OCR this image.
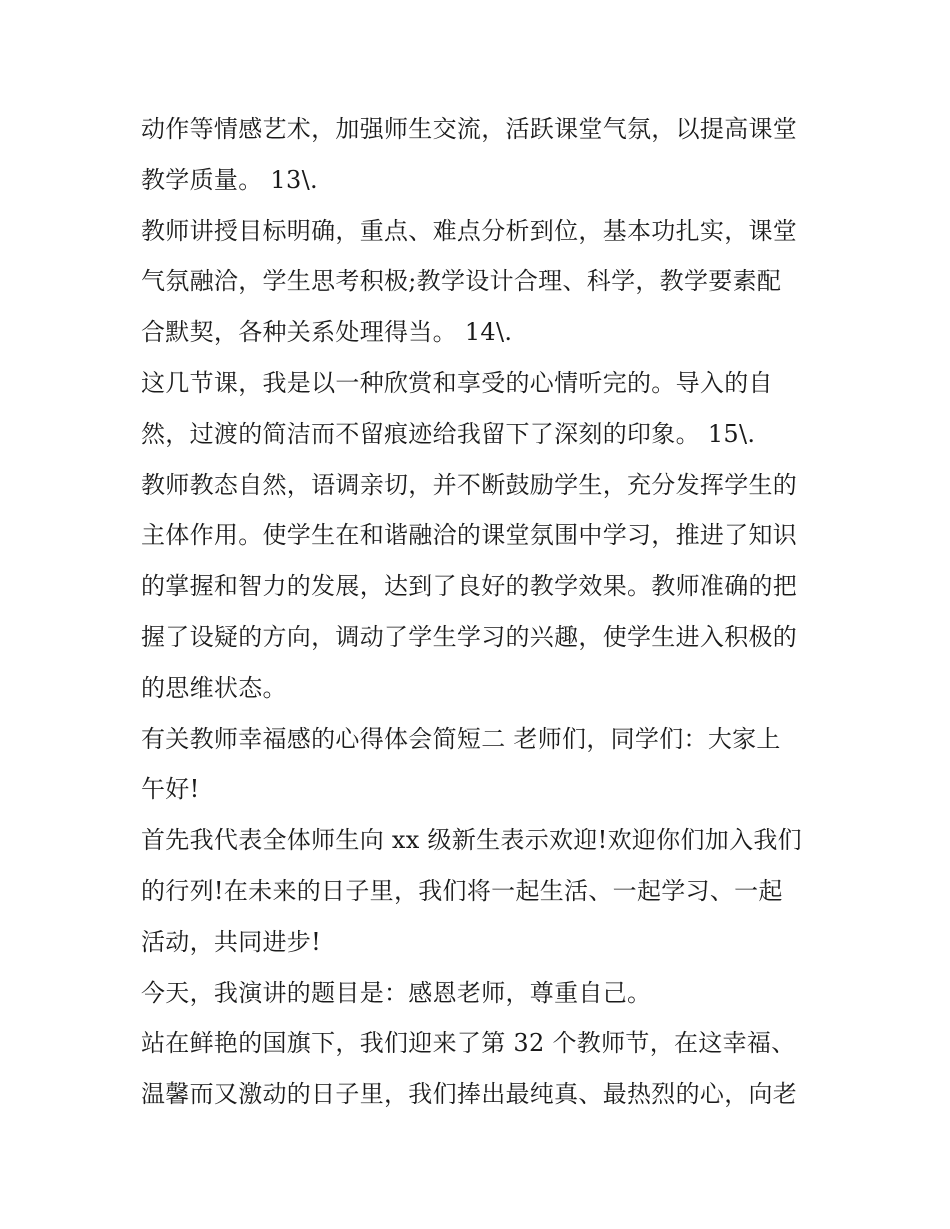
动作等情感艺术，加强师生交流，活跃课堂气氛，以提高课堂
教学质量。 13\.
教师讲授目标明确，重点、难点分析到位，基本功扎实，课堂
气氛融洽，学生思考积极;教学设计合理、科学，教学要素配
合默契，各种关系处理得当。 14\.
这几节课，我是以一种欣赏和享受的心情听完的。导入的自
然，过渡的简洁而不留痕迹给我留下了深刻的印象。 15\.
教师教态自然，语调亲切，并不断鼓励学生，充分发挥学生的
主体作用。使学生在和谐融洽的课堂氛围中学习，推进了知识
的掌握和智力的发展，达到了良好的教学效果。教师准确的把
握了设疑的方向，调动了学生学习的兴趣，使学生进入积极的
的思维状态。
有关教师幸福感的心得体会简短二 老师们，同学们：大家上
午好!
首先我代表全体师生向 xx 级新生表示欢迎!欢迎你们加入我们
的行列!在未来的日子里，我们将一起生活、一起学习、一起
活动，共同进步!
今天，我演讲的题目是：感恩老师，尊重自己。
站在鲜艳的国旗下，我们迎来了第 32 个教师节，在这幸福、
温馨而又激动的日子里，我们捧出最纯真、最热烈的心，向老
